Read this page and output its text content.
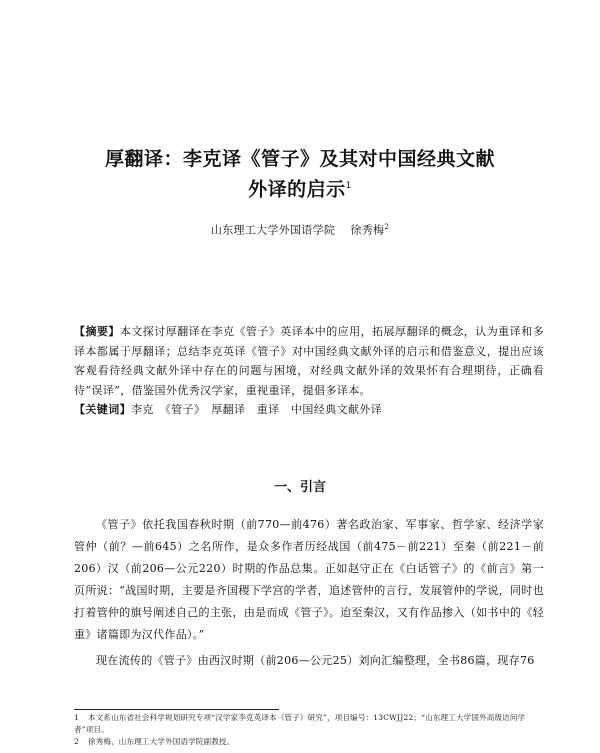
厚翻译：李克译《管子》及其对中国经典文献
外译的启示$^1$
山东理工大学外国语学院 徐秀梅$^2$

【摘要】本文探讨厚翻译在李克《管子》英译本中的应用，拓展厚翻译的概念，认为重译和多译本都属于厚翻译；总结李克英译《管子》对中国经典文献外译的启示和借鉴意义，提出应该客观看待经典文献外译中存在的问题与困境，对经典文献外译的效果怀有合理期待，正确看待“误译”，借鉴国外优秀汉学家，重视重译，提倡多译本。

【关键词】李克　《管子》　厚翻译　重译　中国经典文献外译

一、引言

《管子》依托我国春秋时期（前770—前476）著名政治家、军事家、哲学家、经济学家管仲（前？—前645）之名所作，是众多作者历经战国（前475－前221）至秦（前221－前206）汉（前206—公元220）时期的作品总集。正如赵守正在《白话管子》的《前言》第一页所说：“战国时期，主要是齐国稷下学宫的学者，追述管仲的言行，发展管仲的学说，同时也打着管仲的旗号阐述自己的主张，由是而成《管子》。迨至秦汉，又有作品掺入（如书中的《轻重》诸篇即为汉代作品）。”

现在流传的《管子》由西汉时期（前206—公元25）刘向汇编整理，全书86篇，现存76

1 本文系山东省社会科学规划研究专项“汉学家李克英译本《管子》研究”，项目编号：13CWJJ22；“山东理工大学国外高级访问学者”项目。

2 徐秀梅，山东理工大学外国语学院副教授。
